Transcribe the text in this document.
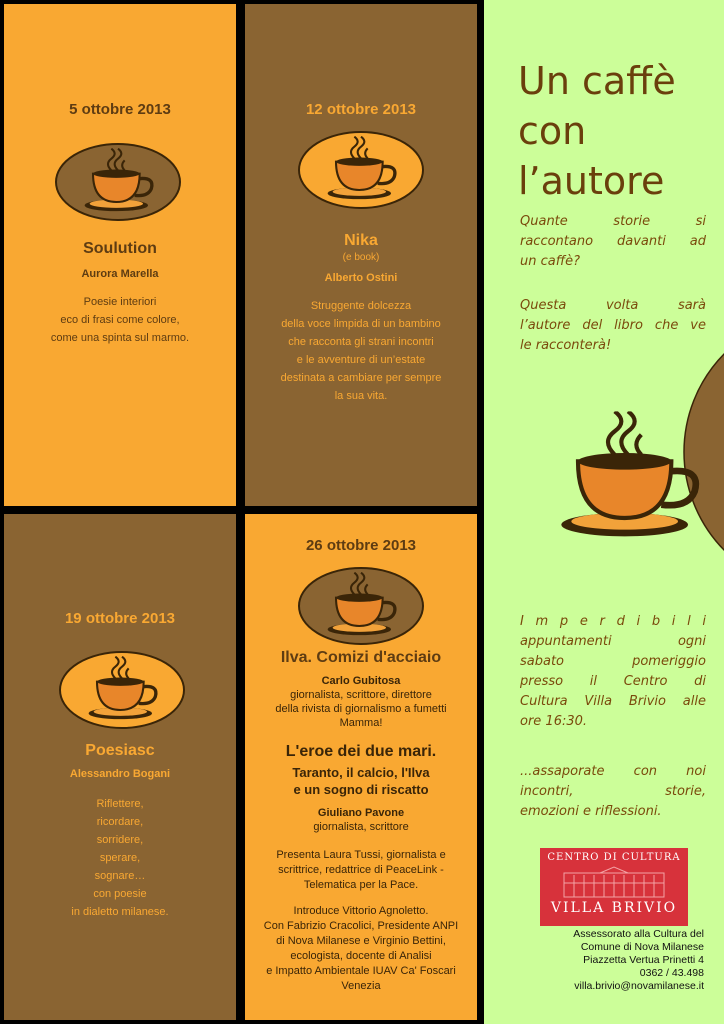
5 ottobre 2013
Soulution
Aurora Marella
Poesie interiori
eco di frasi come colore,
come una spinta sul marmo.
12 ottobre 2013
Nika
(e book)
Alberto Ostini
Struggente dolcezza
della voce limpida di un bambino
che racconta gli strani incontri
e le avventure di un’estate
destinata a cambiare per sempre
la sua vita.
19 ottobre 2013
Poesiasc
Alessandro Bogani
Riflettere,
ricordare,
sorridere,
sperare,
sognare…
con poesie
in dialetto milanese.
26 ottobre 2013
Ilva. Comizi d'acciaio
Carlo Gubitosa
giornalista, scrittore, direttore
della rivista di giornalismo a fumetti
Mamma!
L'eroe dei due mari.
Taranto, il calcio, l'Ilva
e un sogno di riscatto
Giuliano Pavone
giornalista, scrittore
Presenta Laura Tussi, giornalista e
scrittrice, redattrice di PeaceLink -
Telematica per la Pace.
Introduce Vittorio Agnoletto.
Con Fabrizio Cracolici, Presidente ANPI
di Nova Milanese e Virginio Bettini,
ecologista, docente di Analisi
e Impatto Ambientale IUAV Ca' Foscari
Venezia
Un caffè
con
l’autore
Quante storie si
raccontano davanti ad
un caffè?
Questa volta sarà
l’autore del libro che ve
le racconterà!
I m p e r d i b i l i
appuntamenti ogni
sabato pomeriggio
presso il Centro di
Cultura Villa Brivio alle
ore 16:30.
...assaporate con noi
incontri, storie,
emozioni e riflessioni.
CENTRO DI CULTURA
VILLA BRIVIO
Assessorato alla Cultura del
Comune di Nova Milanese
Piazzetta Vertua Prinetti 4
0362 / 43.498
villa.brivio@novamilanese.it
